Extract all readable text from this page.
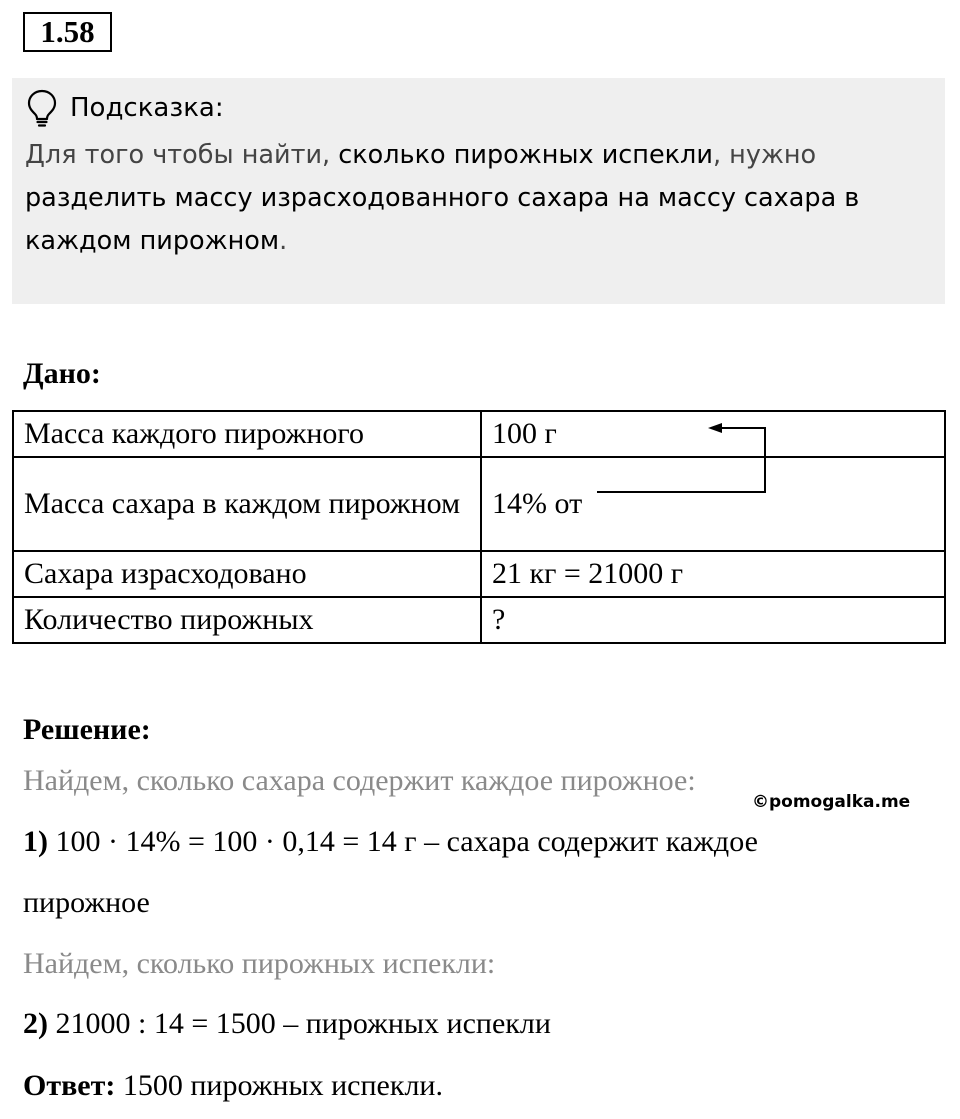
1.58
Подсказка:
Для того чтобы найти, сколько пирожных испекли, нужно разделить массу израсходованного сахара на массу сахара в каждом пирожном.
Дано:
Масса каждого пирожного	100 г
Масса сахара в каждом пирожном	14% от
Сахара израсходовано	21 кг = 21000 г
Количество пирожных	?
Решение:
Найдем, сколько сахара содержит каждое пирожное:
©pomogalka.me
1) 100 · 14% = 100 · 0,14 = 14 г – сахара содержит каждое
пирожное
Найдем, сколько пирожных испекли:
2) 21000 : 14 = 1500 – пирожных испекли
Ответ: 1500 пирожных испекли.
